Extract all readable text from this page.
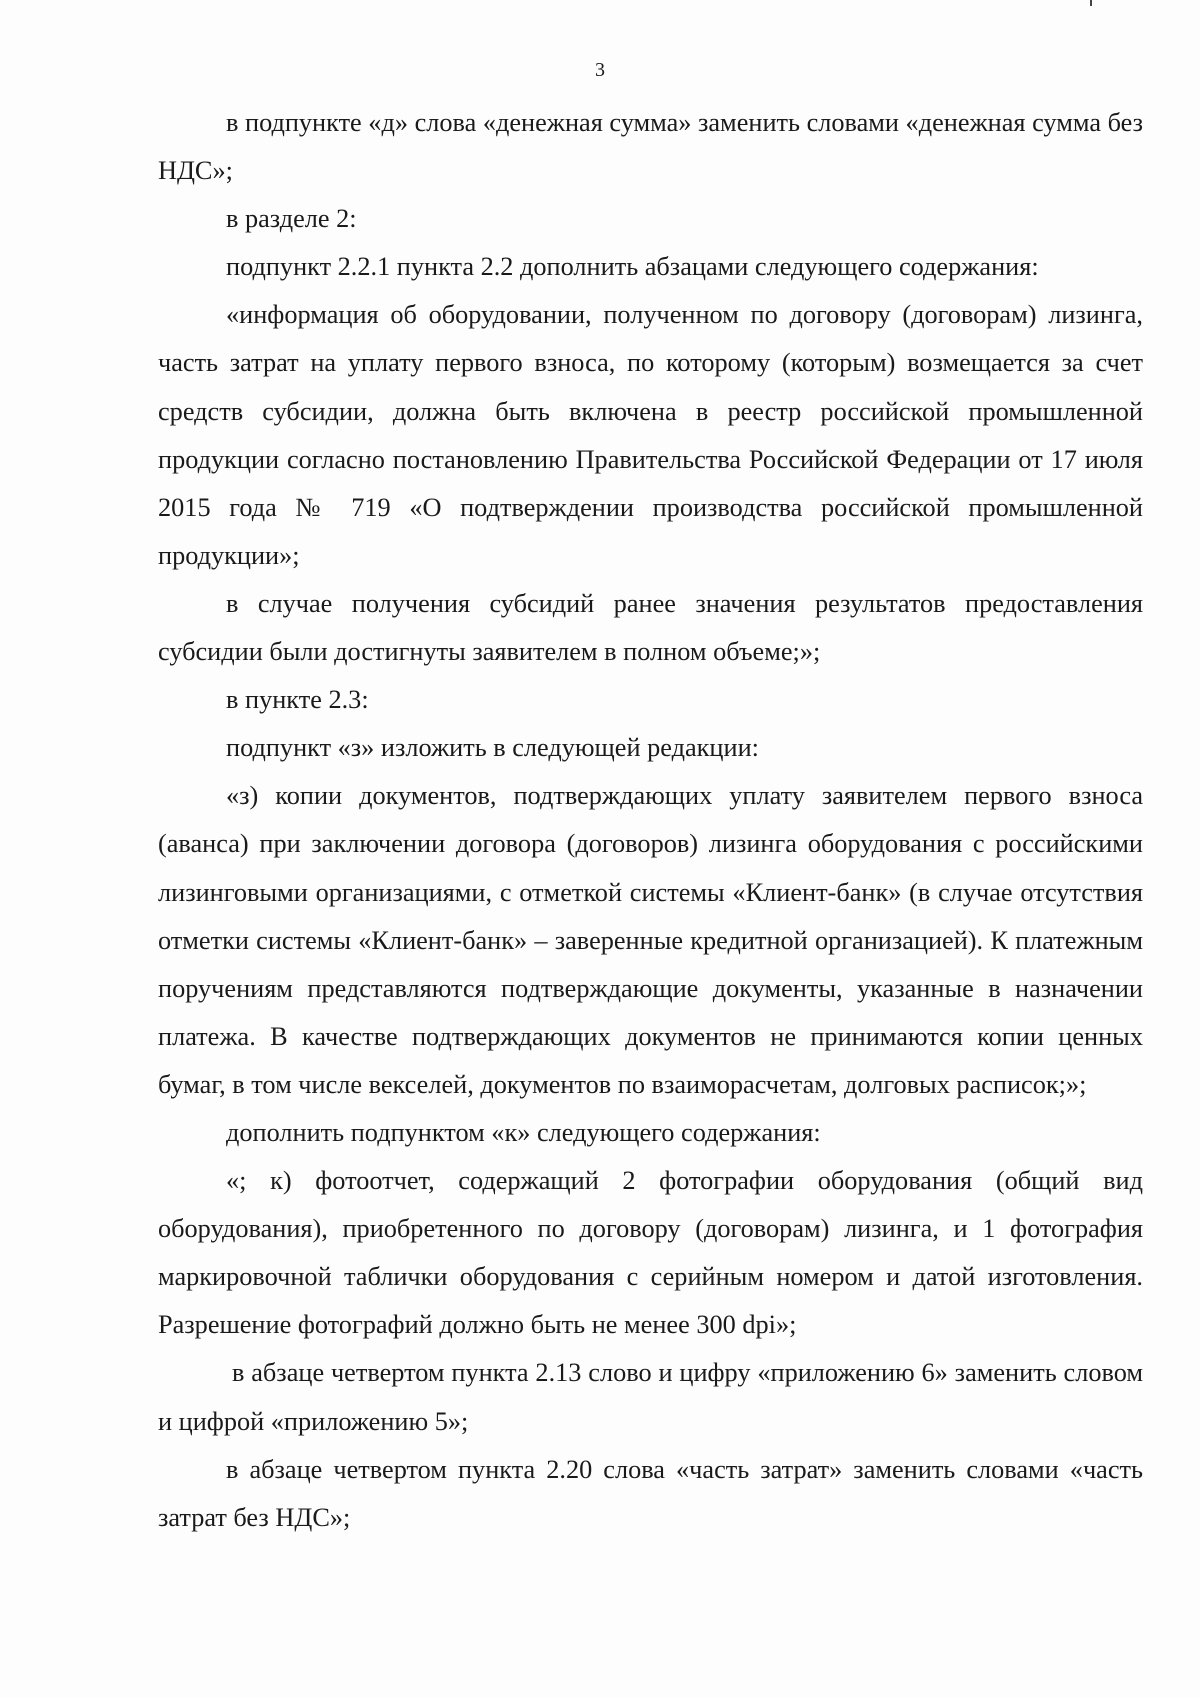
3

в подпункте «д» слова «денежная сумма» заменить словами «денежная сумма без НДС»;

в разделе 2:

подпункт 2.2.1 пункта 2.2 дополнить абзацами следующего содержания:

«информация об оборудовании, полученном по договору (договорам) лизинга, часть затрат на уплату первого взноса, по которому (которым) возмещается за счет средств субсидии, должна быть включена в реестр российской промышленной продукции согласно постановлению Правительства Российской Федерации от 17 июля 2015 года № 719 «О подтверждении производства российской промышленной продукции»;

в случае получения субсидий ранее значения результатов предоставления субсидии были достигнуты заявителем в полном объеме;»;

в пункте 2.3:

подпункт «з» изложить в следующей редакции:

«з) копии документов, подтверждающих уплату заявителем первого взноса (аванса) при заключении договора (договоров) лизинга оборудования с российскими лизинговыми организациями, с отметкой системы «Клиент-банк» (в случае отсутствия отметки системы «Клиент-банк» – заверенные кредитной организацией). К платежным поручениям представляются подтверждающие документы, указанные в назначении платежа. В качестве подтверждающих документов не принимаются копии ценных бумаг, в том числе векселей, документов по взаиморасчетам, долговых расписок;»;

дополнить подпунктом «к» следующего содержания:

«; к) фотоотчет, содержащий 2 фотографии оборудования (общий вид оборудования), приобретенного по договору (договорам) лизинга, и 1 фотография маркировочной таблички оборудования с серийным номером и датой изготовления. Разрешение фотографий должно быть не менее 300 dpi»;

в абзаце четвертом пункта 2.13 слово и цифру «приложению 6» заменить словом и цифрой «приложению 5»;

в абзаце четвертом пункта 2.20 слова «часть затрат» заменить словами «часть затрат без НДС»;
